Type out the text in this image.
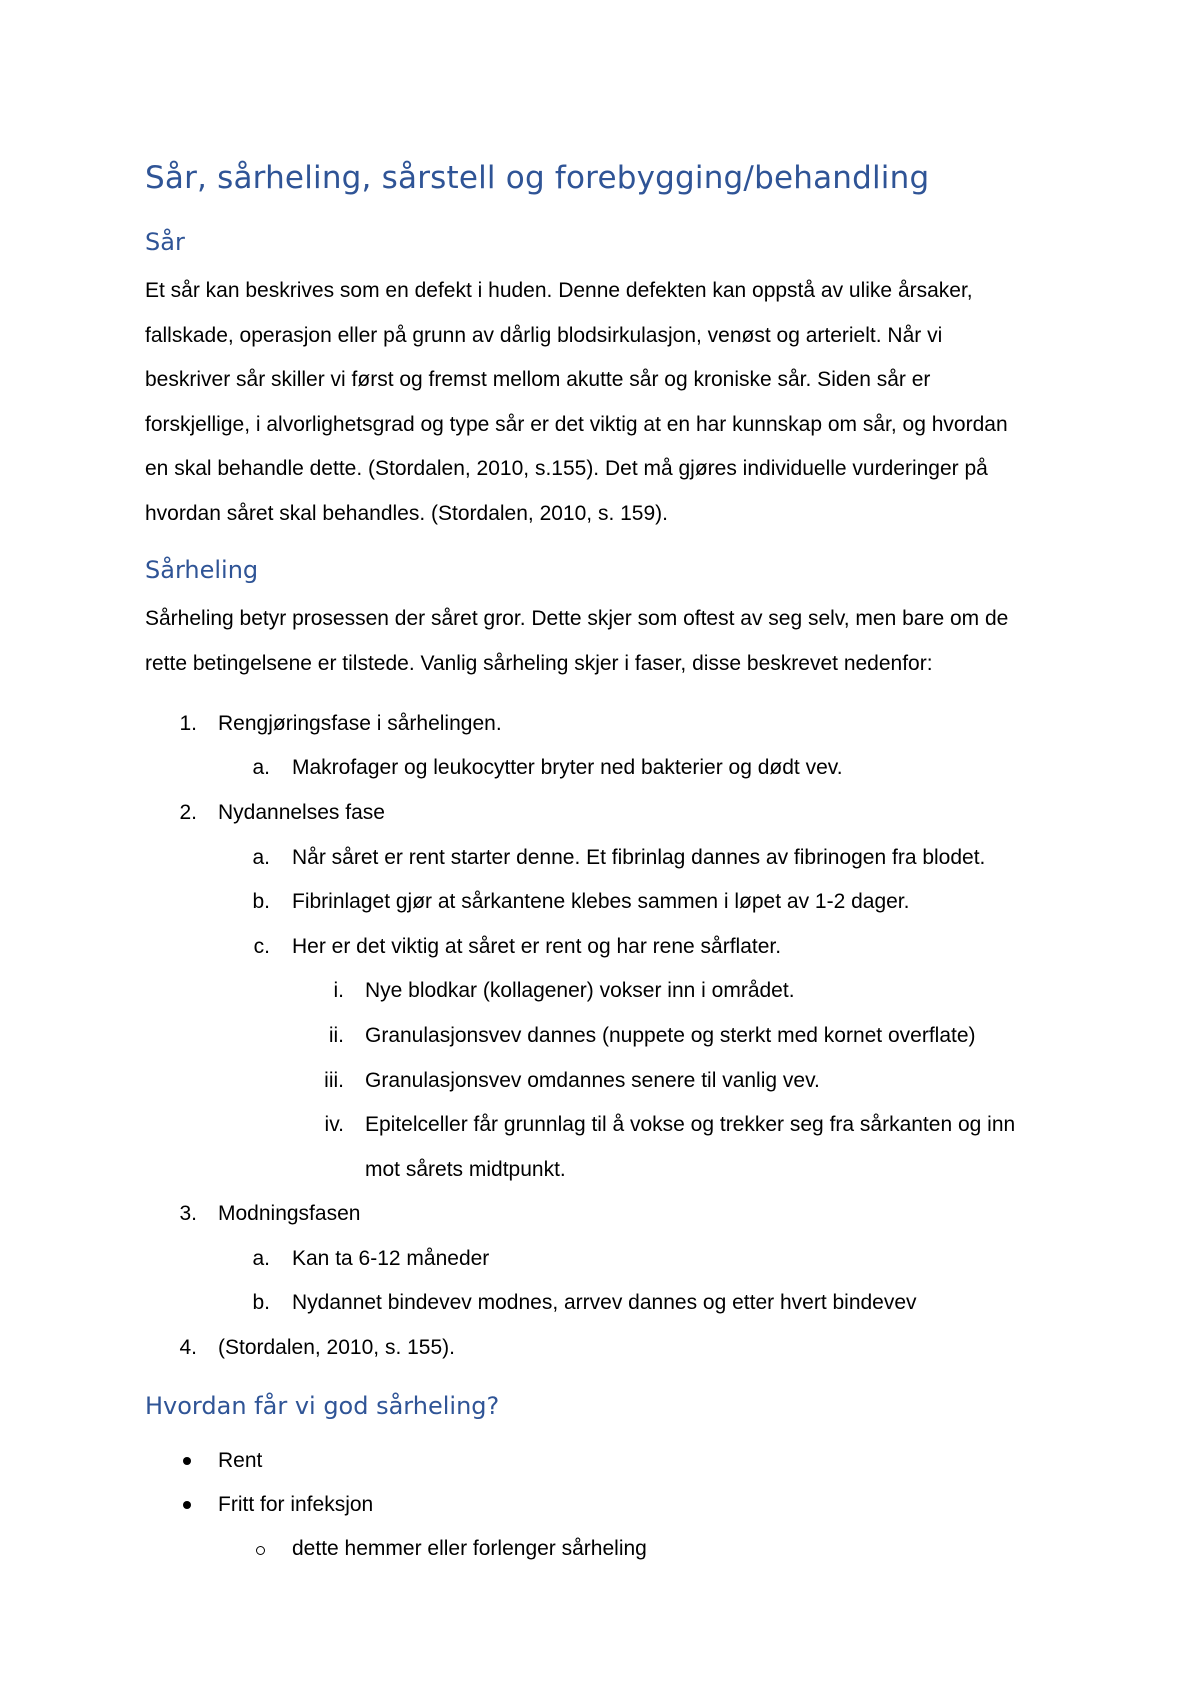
Sår, sårheling, sårstell og forebygging/behandling
Sår
Et sår kan beskrives som en defekt i huden. Denne defekten kan oppstå av ulike årsaker,
fallskade, operasjon eller på grunn av dårlig blodsirkulasjon, venøst og arterielt. Når vi
beskriver sår skiller vi først og fremst mellom akutte sår og kroniske sår. Siden sår er
forskjellige, i alvorlighetsgrad og type sår er det viktig at en har kunnskap om sår, og hvordan
en skal behandle dette. (Stordalen, 2010, s.155). Det må gjøres individuelle vurderinger på
hvordan såret skal behandles. (Stordalen, 2010, s. 159).
Sårheling
Sårheling betyr prosessen der såret gror. Dette skjer som oftest av seg selv, men bare om de
rette betingelsene er tilstede. Vanlig sårheling skjer i faser, disse beskrevet nedenfor:
1. Rengjøringsfase i sårhelingen.
a. Makrofager og leukocytter bryter ned bakterier og dødt vev.
2. Nydannelses fase
a. Når såret er rent starter denne. Et fibrinlag dannes av fibrinogen fra blodet.
b. Fibrinlaget gjør at sårkantene klebes sammen i løpet av 1-2 dager.
c. Her er det viktig at såret er rent og har rene sårflater.
i. Nye blodkar (kollagener) vokser inn i området.
ii. Granulasjonsvev dannes (nuppete og sterkt med kornet overflate)
iii. Granulasjonsvev omdannes senere til vanlig vev.
iv. Epitelceller får grunnlag til å vokse og trekker seg fra sårkanten og inn
mot sårets midtpunkt.
3. Modningsfasen
a. Kan ta 6-12 måneder
b. Nydannet bindevev modnes, arrvev dannes og etter hvert bindevev
4. (Stordalen, 2010, s. 155).
Hvordan får vi god sårheling?
Rent
Fritt for infeksjon
dette hemmer eller forlenger sårheling
